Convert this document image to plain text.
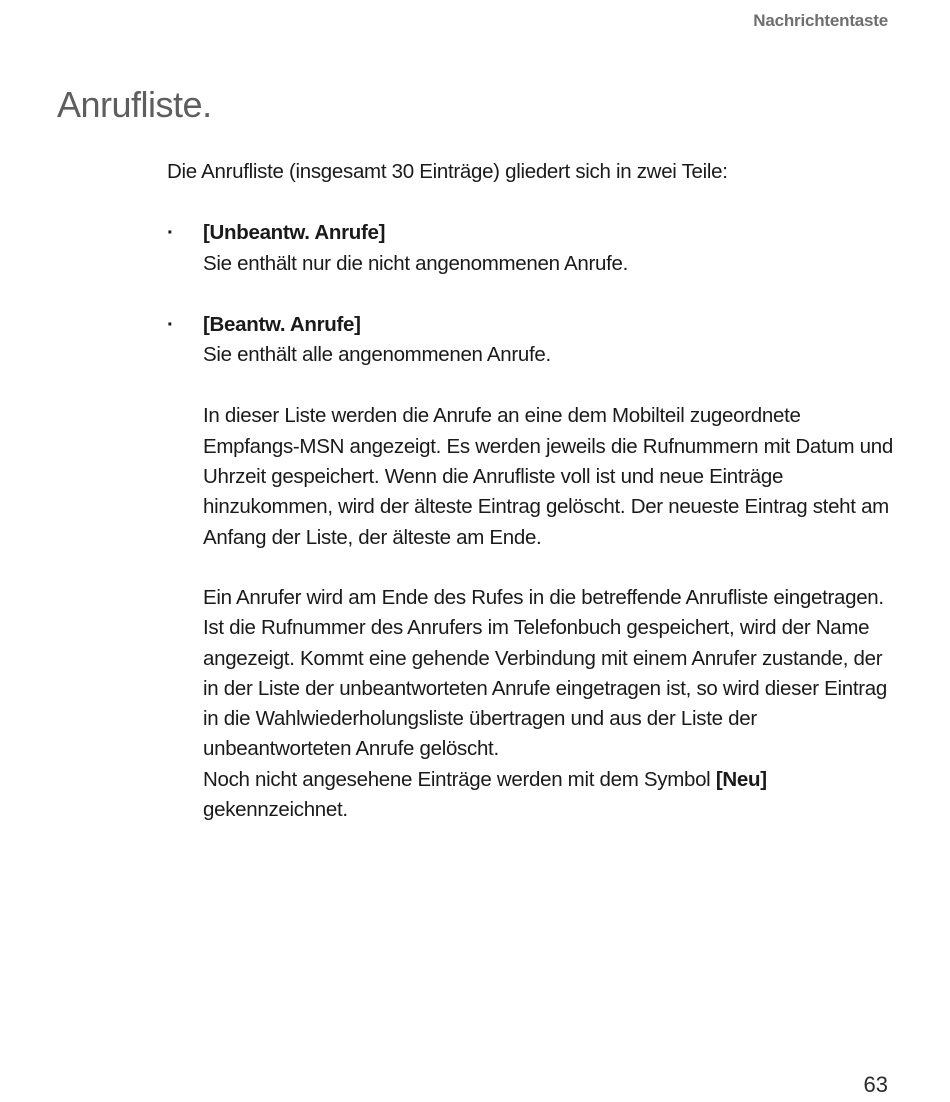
Nachrichtentaste
Anrufliste.

Die Anrufliste (insgesamt 30 Einträge) gliedert sich in zwei Teile:

· [Unbeantw. Anrufe]
Sie enthält nur die nicht angenommenen Anrufe.
· [Beantw. Anrufe]
Sie enthält alle angenommenen Anrufe.

In dieser Liste werden die Anrufe an eine dem Mobilteil zugeordnete Empfangs-MSN angezeigt. Es werden jeweils die Rufnummern mit Datum und Uhrzeit gespeichert. Wenn die Anrufliste voll ist und neue Einträge hinzukommen, wird der älteste Eintrag gelöscht. Der neueste Eintrag steht am Anfang der Liste, der älteste am Ende.

Ein Anrufer wird am Ende des Rufes in die betreffende Anrufliste eingetragen. Ist die Rufnummer des Anrufers im Telefonbuch gespeichert, wird der Name angezeigt. Kommt eine gehende Verbindung mit einem Anrufer zustande, der in der Liste der unbeantworteten Anrufe eingetragen ist, so wird dieser Eintrag in die Wahlwiederholungsliste übertragen und aus der Liste der unbeantworteten Anrufe gelöscht.

Noch nicht angesehene Einträge werden mit dem Symbol [Neu] gekennzeichnet.

63
